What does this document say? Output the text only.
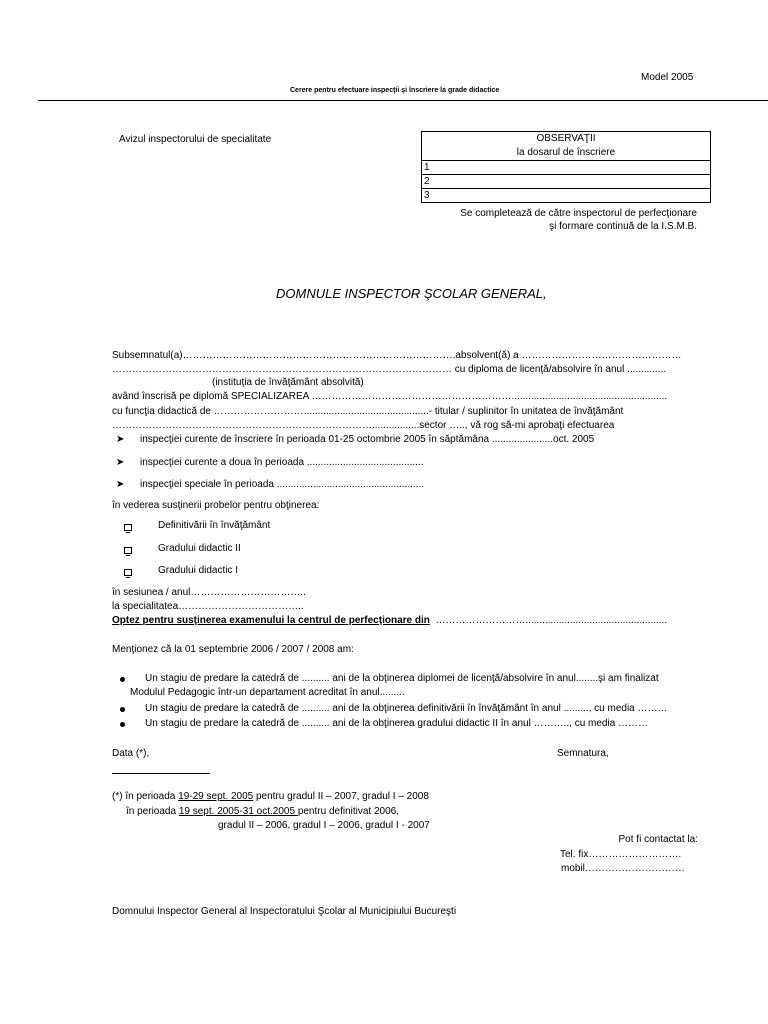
Model 2005
Cerere pentru efectuare inspecţii şi înscriere la grade didactice
Avizul inspectorului de specialitate	OBSERVAŢII
la dosarul de înscriere
1
2
3
Se completează de către inspectorul de perfecţionare
şi formare continuă de la I.S.M.B.
DOMNULE INSPECTOR ŞCOLAR GENERAL,
Subsemnatul(a)……………………………………………………………………….absolvent(ă) a …………………………………………
………………………………………………………………………………………… cu diploma de licenţă/absolvire în anul ..............
(instituţia de învăţământ absolvită)
având înscrisă pe diplomă SPECIALIZAREA ……………………………………………………........................................................
cu funcţia didactică de ……………………….............................................- titular / suplinitor în unitatea de învăţământ
…………………………………………………………………….................sector ….., vă rog să-mi aprobaţi efectuarea
➤ inspecţiei curente de înscriere în perioada 01-25 octombrie 2005 în săptămâna ......................oct. 2005
➤ inspecţiei curente a doua în perioada ..........................................
➤ inspecţiei speciale în perioada .....................................................
în vederea susţinerii probelor pentru obţinerea:
Definitivării în învăţământ
Gradului didactic II
Gradului didactic I
în sesiunea / anul……………………………..
la specialitatea………………………………..
Optez pentru susţinerea examenului la centrul de perfecţionare din ………………………...................................................
Menţionez că la 01 septembrie 2006 / 2007 / 2008 am:
Un stagiu de predare la catedră de .......... ani de la obţinerea diplomei de licenţă/absolvire în anul........şi am finalizat
Modulul Pedagogic într-un departament acreditat în anul.........
Un stagiu de predare la catedră de .......... ani de la obţinerea definitivării în învăţământ în anul ........., cu media ………
Un stagiu de predare la catedră de .......... ani de la obţinerea gradului didactic II în anul ……….., cu media ………
Data (*),	Semnatura,
(*) în perioada 19-29 sept. 2005 pentru gradul II – 2007, gradul I – 2008
în perioada 19 sept. 2005-31 oct.2005 pentru definitivat 2006,
gradul II – 2006, gradul I – 2006, gradul I - 2007
Pot fi contactat la:
Tel. fix……………………….
mobil…………………………
Domnului Inspector General al Inspectoratului Şcolar al Municipiului Bucureşti
